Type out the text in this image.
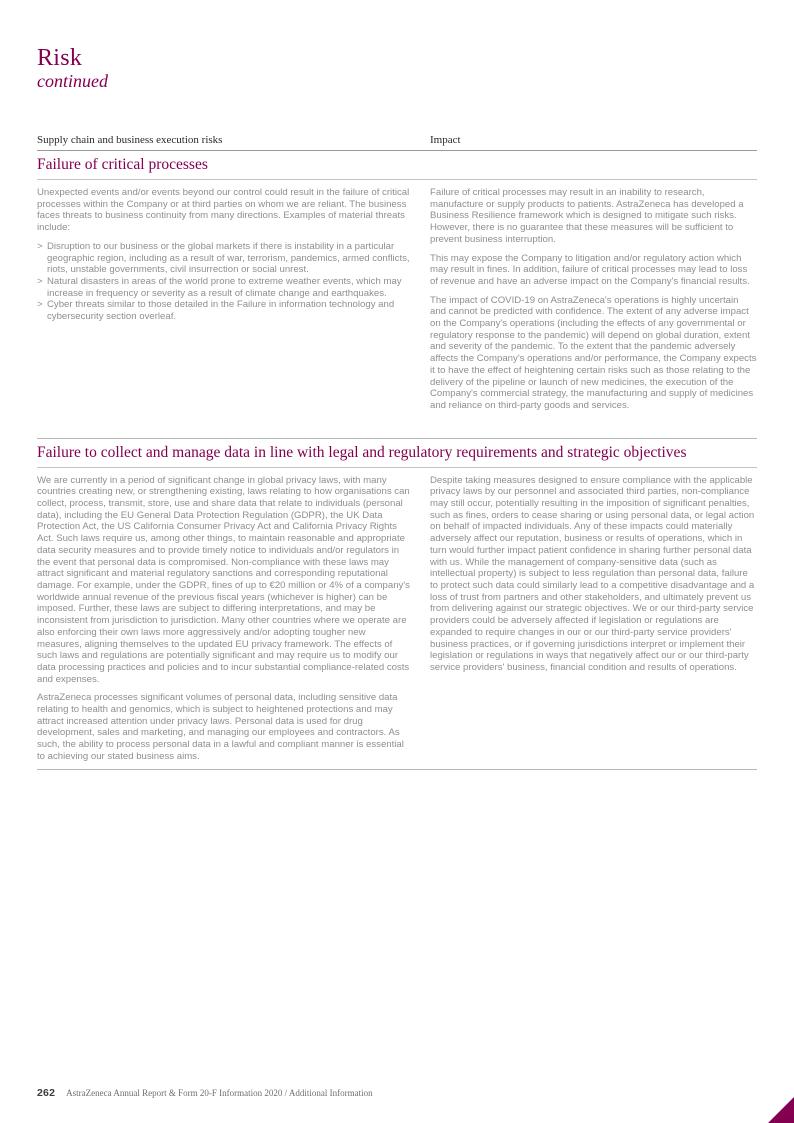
Risk
continued
Supply chain and business execution risks	Impact
Failure of critical processes

Unexpected events and/or events beyond our control could result in the failure of critical processes within the Company or at third parties on whom we are reliant. The business faces threats to business continuity from many directions. Examples of material threats include:

> Disruption to our business or the global markets if there is instability in a particular geographic region, including as a result of war, terrorism, pandemics, armed conflicts, riots, unstable governments, civil insurrection or social unrest.
> Natural disasters in areas of the world prone to extreme weather events, which may increase in frequency or severity as a result of climate change and earthquakes.
> Cyber threats similar to those detailed in the Failure in information technology and cybersecurity section overleaf.

Failure of critical processes may result in an inability to research, manufacture or supply products to patients. AstraZeneca has developed a Business Resilience framework which is designed to mitigate such risks. However, there is no guarantee that these measures will be sufficient to prevent business interruption.

This may expose the Company to litigation and/or regulatory action which may result in fines. In addition, failure of critical processes may lead to loss of revenue and have an adverse impact on the Company's financial results.

The impact of COVID-19 on AstraZeneca's operations is highly uncertain and cannot be predicted with confidence. The extent of any adverse impact on the Company's operations (including the effects of any governmental or regulatory response to the pandemic) will depend on global duration, extent and severity of the pandemic. To the extent that the pandemic adversely affects the Company's operations and/or performance, the Company expects it to have the effect of heightening certain risks such as those relating to the delivery of the pipeline or launch of new medicines, the execution of the Company's commercial strategy, the manufacturing and supply of medicines and reliance on third-party goods and services.

Failure to collect and manage data in line with legal and regulatory requirements and strategic objectives

We are currently in a period of significant change in global privacy laws, with many countries creating new, or strengthening existing, laws relating to how organisations can collect, process, transmit, store, use and share data that relate to individuals (personal data), including the EU General Data Protection Regulation (GDPR), the UK Data Protection Act, the US California Consumer Privacy Act and California Privacy Rights Act. Such laws require us, among other things, to maintain reasonable and appropriate data security measures and to provide timely notice to individuals and/or regulators in the event that personal data is compromised. Non-compliance with these laws may attract significant and material regulatory sanctions and corresponding reputational damage. For example, under the GDPR, fines of up to €20 million or 4% of a company's worldwide annual revenue of the previous fiscal years (whichever is higher) can be imposed. Further, these laws are subject to differing interpretations, and may be inconsistent from jurisdiction to jurisdiction. Many other countries where we operate are also enforcing their own laws more aggressively and/or adopting tougher new measures, aligning themselves to the updated EU privacy framework. The effects of such laws and regulations are potentially significant and may require us to modify our data processing practices and policies and to incur substantial compliance-related costs and expenses.

AstraZeneca processes significant volumes of personal data, including sensitive data relating to health and genomics, which is subject to heightened protections and may attract increased attention under privacy laws. Personal data is used for drug development, sales and marketing, and managing our employees and contractors. As such, the ability to process personal data in a lawful and compliant manner is essential to achieving our stated business aims.

Despite taking measures designed to ensure compliance with the applicable privacy laws by our personnel and associated third parties, non-compliance may still occur, potentially resulting in the imposition of significant penalties, such as fines, orders to cease sharing or using personal data, or legal action on behalf of impacted individuals. Any of these impacts could materially adversely affect our reputation, business or results of operations, which in turn would further impact patient confidence in sharing further personal data with us. While the management of company-sensitive data (such as intellectual property) is subject to less regulation than personal data, failure to protect such data could similarly lead to a competitive disadvantage and a loss of trust from partners and other stakeholders, and ultimately prevent us from delivering against our strategic objectives. We or our third-party service providers could be adversely affected if legislation or regulations are expanded to require changes in our or our third-party service providers' business practices, or if governing jurisdictions interpret or implement their legislation or regulations in ways that negatively affect our or our third-party service providers' business, financial condition and results of operations.

262 AstraZeneca Annual Report & Form 20-F Information 2020 / Additional Information
